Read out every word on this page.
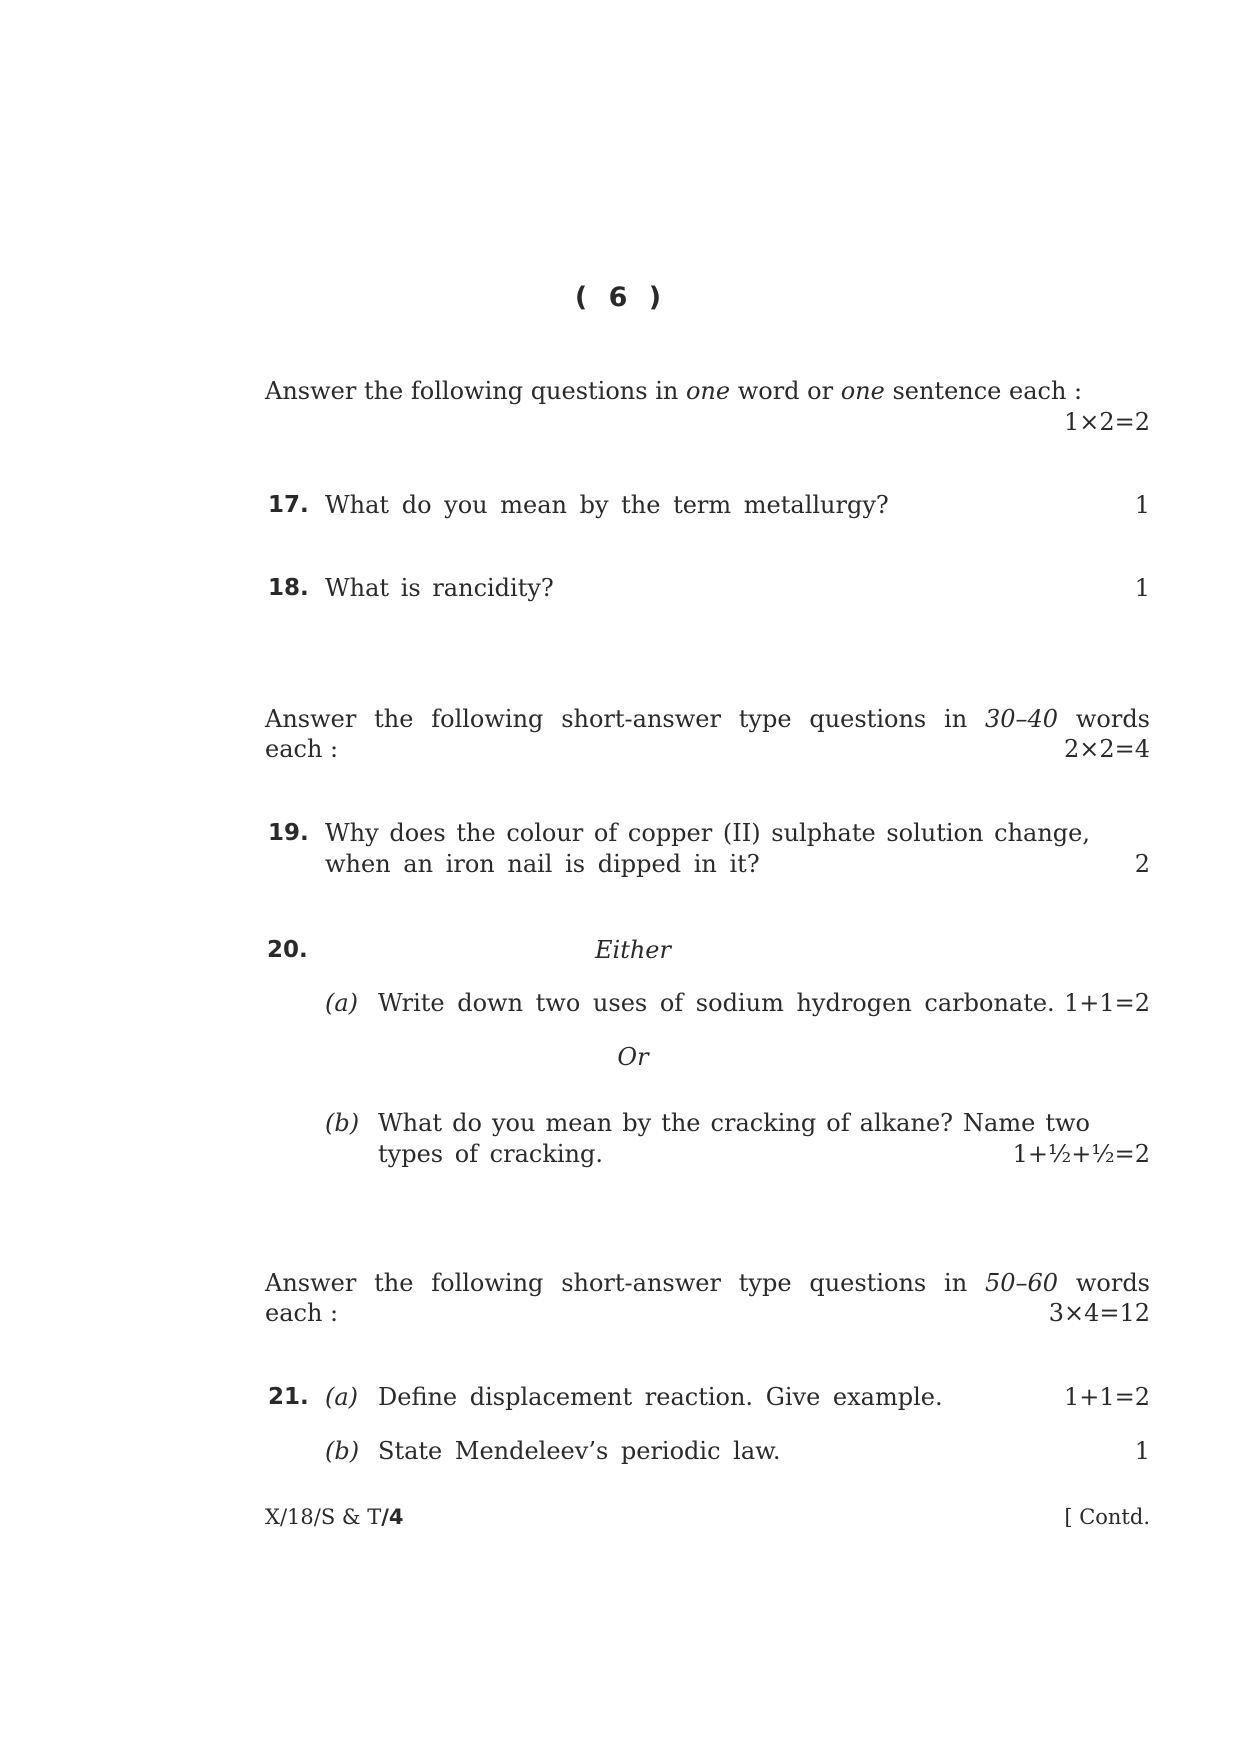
( 6 )
Answer the following questions in one word or one sentence each :
1×2=2
17. What do you mean by the term metallurgy?	1
18. What is rancidity?	1
Answer the following short-answer type questions in 30–40 words
each :	2×2=4
19. Why does the colour of copper (II) sulphate solution change,
when an iron nail is dipped in it?	2
20.	Either
(a) Write down two uses of sodium hydrogen carbonate. 1+1=2
Or
(b) What do you mean by the cracking of alkane? Name two
types of cracking.	1+½+½=2
Answer the following short-answer type questions in 50–60 words
each :	3×4=12
21. (a) Define displacement reaction. Give example.	1+1=2
(b) State Mendeleev’s periodic law.	1
X/18/S & T/4	[ Contd.
